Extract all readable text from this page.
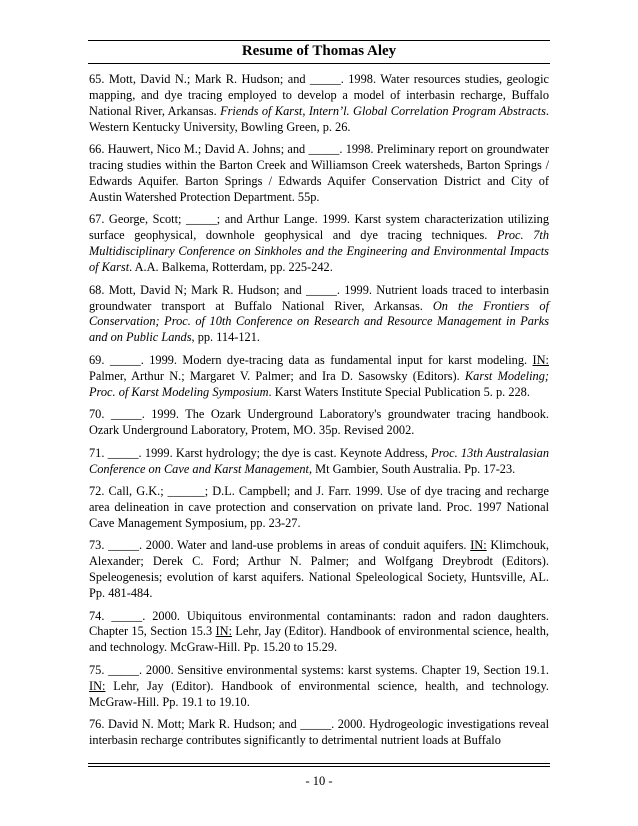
Resume of Thomas Aley

65. Mott, David N.; Mark R. Hudson; and _____. 1998. Water resources studies, geologic mapping, and dye tracing employed to develop a model of interbasin recharge, Buffalo National River, Arkansas. Friends of Karst, Intern’l. Global Correlation Program Abstracts. Western Kentucky University, Bowling Green, p. 26.

66. Hauwert, Nico M.; David A. Johns; and _____. 1998. Preliminary report on groundwater tracing studies within the Barton Creek and Williamson Creek watersheds, Barton Springs / Edwards Aquifer. Barton Springs / Edwards Aquifer Conservation District and City of Austin Watershed Protection Department. 55p.

67. George, Scott; _____; and Arthur Lange. 1999. Karst system characterization utilizing surface geophysical, downhole geophysical and dye tracing techniques. Proc. 7th Multidisciplinary Conference on Sinkholes and the Engineering and Environmental Impacts of Karst. A.A. Balkema, Rotterdam, pp. 225-242.

68. Mott, David N; Mark R. Hudson; and _____. 1999. Nutrient loads traced to interbasin groundwater transport at Buffalo National River, Arkansas. On the Frontiers of Conservation; Proc. of 10th Conference on Research and Resource Management in Parks and on Public Lands, pp. 114-121.

69. _____. 1999. Modern dye-tracing data as fundamental input for karst modeling. IN: Palmer, Arthur N.; Margaret V. Palmer; and Ira D. Sasowsky (Editors). Karst Modeling; Proc. of Karst Modeling Symposium. Karst Waters Institute Special Publication 5. p. 228.

70. _____. 1999. The Ozark Underground Laboratory's groundwater tracing handbook. Ozark Underground Laboratory, Protem, MO. 35p. Revised 2002.

71. _____. 1999. Karst hydrology; the dye is cast. Keynote Address, Proc. 13th Australasian Conference on Cave and Karst Management, Mt Gambier, South Australia. Pp. 17-23.

72. Call, G.K.; ______; D.L. Campbell; and J. Farr. 1999. Use of dye tracing and recharge area delineation in cave protection and conservation on private land. Proc. 1997 National Cave Management Symposium, pp. 23-27.

73. _____. 2000. Water and land-use problems in areas of conduit aquifers. IN: Klimchouk, Alexander; Derek C. Ford; Arthur N. Palmer; and Wolfgang Dreybrodt (Editors). Speleogenesis; evolution of karst aquifers. National Speleological Society, Huntsville, AL. Pp. 481-484.

74. _____. 2000. Ubiquitous environmental contaminants: radon and radon daughters. Chapter 15, Section 15.3 IN: Lehr, Jay (Editor). Handbook of environmental science, health, and technology. McGraw-Hill. Pp. 15.20 to 15.29.

75. _____. 2000. Sensitive environmental systems: karst systems. Chapter 19, Section 19.1. IN: Lehr, Jay (Editor). Handbook of environmental science, health, and technology. McGraw-Hill. Pp. 19.1 to 19.10.

76. David N. Mott; Mark R. Hudson; and _____. 2000. Hydrogeologic investigations reveal interbasin recharge contributes significantly to detrimental nutrient loads at Buffalo

- 10 -
